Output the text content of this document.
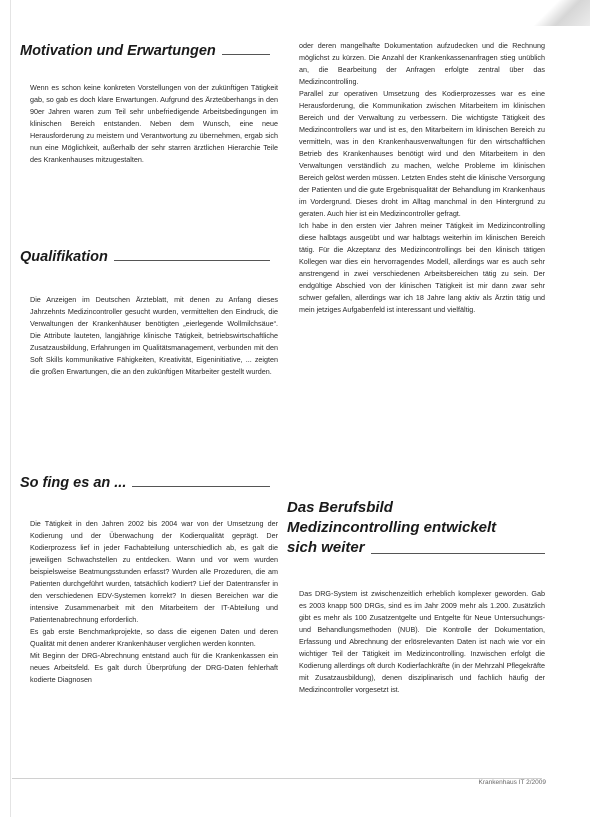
Motivation und Erwartungen

Wenn es schon keine konkreten Vorstellungen von der zukünftigen Tätigkeit gab, so gab es doch klare Erwartungen. Aufgrund des Ärzteüberhangs in den 90er Jahren waren zum Teil sehr unbefriedigende Arbeitsbedingungen im klinischen Bereich entstanden. Neben dem Wunsch, eine neue Herausforderung zu meistern und Verantwortung zu übernehmen, ergab sich nun eine Möglichkeit, außerhalb der sehr starren ärztlichen Hierarchie Teile des Krankenhauses mitzugestalten.

Qualifikation

Die Anzeigen im Deutschen Ärzteblatt, mit denen zu Anfang dieses Jahrzehnts Medizincontroller gesucht wurden, vermittelten den Eindruck, die Verwaltungen der Krankenhäuser benötigten „eierlegende Wollmilchsäue“. Die Attribute lauteten, langjährige klinische Tätigkeit, betriebswirtschaftliche Zusatzausbildung, Erfahrungen im Qualitätsmanagement, verbunden mit den Soft Skills kommunikative Fähigkeiten, Kreativität, Eigeninitiative, ... zeigten die großen Erwartungen, die an den zukünftigen Mitarbeiter gestellt wurden.

So fing es an ...

Die Tätigkeit in den Jahren 2002 bis 2004 war von der Umsetzung der Kodierung und der Überwachung der Kodierqualität geprägt. Der Kodierprozess lief in jeder Fachabteilung unterschiedlich ab, es galt die jeweiligen Schwachstellen zu entdecken. Wann und vor wem wurden beispielsweise Beatmungsstunden erfasst? Wurden alle Prozeduren, die am Patienten durchgeführt wurden, tatsächlich kodiert? Lief der Datentransfer in den verschiedenen EDV-Systemen korrekt? In diesen Bereichen war die intensive Zusammenarbeit mit den Mitarbeitern der IT-Abteilung und Patientenabrechnung erforderlich.

Es gab erste Benchmarkprojekte, so dass die eigenen Daten und deren Qualität mit denen anderer Krankenhäuser verglichen werden konnten.

Mit Beginn der DRG-Abrechnung entstand auch für die Krankenkassen ein neues Arbeitsfeld. Es galt durch Überprüfung der DRG-Daten fehlerhaft kodierte Diagnosen

oder deren mangelhafte Dokumentation aufzudecken und die Rechnung möglichst zu kürzen. Die Anzahl der Krankenkassenanfragen stieg unüblich an, die Bearbeitung der Anfragen erfolgte zentral über das Medizincontrolling.

Parallel zur operativen Umsetzung des Kodierprozesses war es eine Herausforderung, die Kommunikation zwischen Mitarbeitern im klinischen Bereich und der Verwaltung zu verbessern. Die wichtigste Tätigkeit des Medizincontrollers war und ist es, den Mitarbeitern im klinischen Bereich zu vermitteln, was in den Krankenhausverwaltungen für den wirtschaftlichen Betrieb des Krankenhauses benötigt wird und den Mitarbeitern in den Verwaltungen verständlich zu machen, welche Probleme im klinischen Bereich gelöst werden müssen. Letzten Endes steht die klinische Versorgung der Patienten und die gute Ergebnisqualität der Behandlung im Krankenhaus im Vordergrund. Dieses droht im Alltag manchmal in den Hintergrund zu geraten. Auch hier ist ein Medizincontroller gefragt.

Ich habe in den ersten vier Jahren meiner Tätigkeit im Medizincontrolling diese halbtags ausgeübt und war halbtags weiterhin im klinischen Bereich tätig. Für die Akzeptanz des Medizincontrollings bei den klinisch tätigen Kollegen war dies ein hervorragendes Modell, allerdings war es auch sehr anstrengend in zwei verschiedenen Arbeitsbereichen tätig zu sein. Der endgültige Abschied von der klinischen Tätigkeit ist mir dann zwar sehr schwer gefallen, allerdings war ich 18 Jahre lang aktiv als Ärztin tätig und mein jetziges Aufgabenfeld ist interessant und vielfältig.

Das Berufsbild
Medizincontrolling entwickelt
sich weiter

Das DRG-System ist zwischenzeitlich erheblich komplexer geworden. Gab es 2003 knapp 500 DRGs, sind es im Jahr 2009 mehr als 1.200. Zusätzlich gibt es mehr als 100 Zusatzentgelte und Entgelte für Neue Untersuchungs- und Behandlungsmethoden (NUB). Die Kontrolle der Dokumentation, Erfassung und Abrechnung der erlösrelevanten Daten ist nach wie vor ein wichtiger Teil der Tätigkeit im Medizincontrolling. Inzwischen erfolgt die Kodierung allerdings oft durch Kodierfachkräfte (in der Mehrzahl Pflegekräfte mit Zusatzausbildung), denen disziplinarisch und fachlich häufig der Medizincontroller vorgesetzt ist.

Krankenhaus IT 2/2009
